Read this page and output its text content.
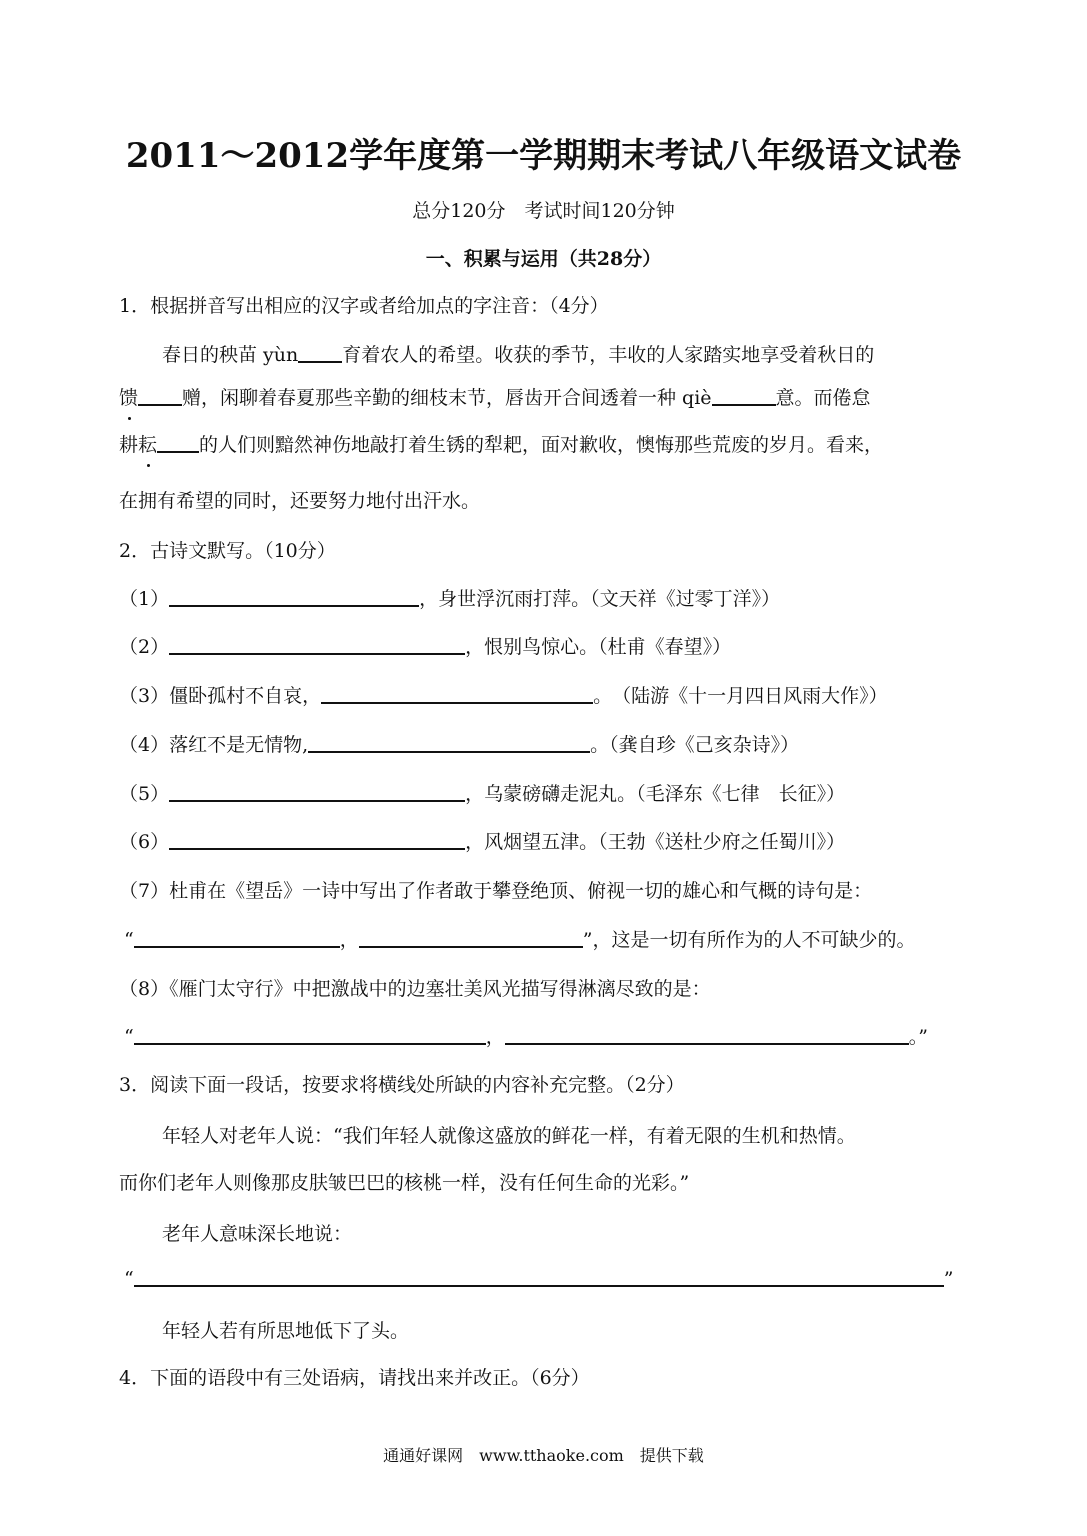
2011～2012学年度第一学期期末考试八年级语文试卷
总分120分　考试时间120分钟
一、积累与运用（共28分）
1．根据拼音写出相应的汉字或者给加点的字注音：（4分）
春日的秧苗 yùn 育着农人的希望。收获的季节，丰收的人家踏实地享受着秋日的
馈 赠，闲聊着春夏那些辛勤的细枝末节，唇齿开合间透着一种 qiè	意。而倦怠
耕耘 的人们则黯然神伤地敲打着生锈的犁耙，面对歉收，懊悔那些荒废的岁月。看来，
在拥有希望的同时，还要努力地付出汗水。
2．古诗文默写。（10分）
（1）	，身世浮沉雨打萍。（文天祥《过零丁洋》）
（2）	，恨别鸟惊心。（杜甫《春望》）
（3）僵卧孤村不自哀，	。　（陆游《十一月四日风雨大作》）
（4）落红不是无情物,	。（龚自珍《己亥杂诗》）
（5）	，乌蒙磅礴走泥丸。（毛泽东《七律　长征》）
（6）	，风烟望五津。（王勃《送杜少府之任蜀川》）
（7）杜甫在《望岳》一诗中写出了作者敢于攀登绝顶、俯视一切的雄心和气概的诗句是：
“	，	”，这是一切有所作为的人不可缺少的。
（8）《雁门太守行》中把激战中的边塞壮美风光描写得淋漓尽致的是：
“	，	。”
3．阅读下面一段话，按要求将横线处所缺的内容补充完整。（2分）
年轻人对老年人说：“我们年轻人就像这盛放的鲜花一样，有着无限的生机和热情。
而你们老年人则像那皮肤皱巴巴的核桃一样，没有任何生命的光彩。”
老年人意味深长地说：
“	”
年轻人若有所思地低下了头。
4．下面的语段中有三处语病，请找出来并改正。（6分）
通通好课网　www.tthaoke.com　提供下载
